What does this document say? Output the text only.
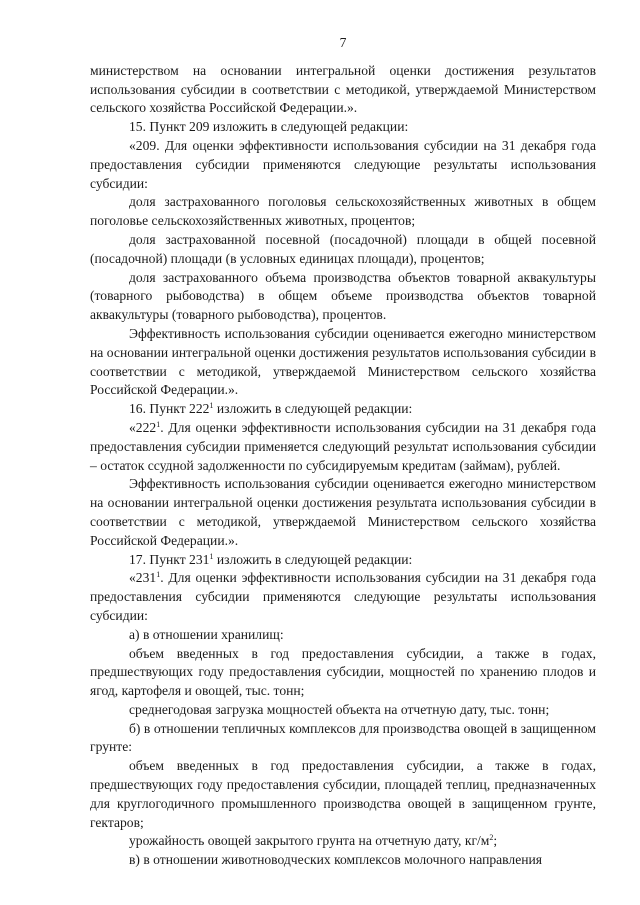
7

министерством на основании интегральной оценки достижения результатов использования субсидии в соответствии с методикой, утверждаемой Министерством сельского хозяйства Российской Федерации.».

15. Пункт 209 изложить в следующей редакции:

«209. Для оценки эффективности использования субсидии на 31 декабря года предоставления субсидии применяются следующие результаты использования субсидии:

доля застрахованного поголовья сельскохозяйственных животных в общем поголовье сельскохозяйственных животных, процентов;

доля застрахованной посевной (посадочной) площади в общей посевной (посадочной) площади (в условных единицах площади), процентов;

доля застрахованного объема производства объектов товарной аквакультуры (товарного рыбоводства) в общем объеме производства объектов товарной аквакультуры (товарного рыбоводства), процентов.

Эффективность использования субсидии оценивается ежегодно министерством на основании интегральной оценки достижения результатов использования субсидии в соответствии с методикой, утверждаемой Министерством сельского хозяйства Российской Федерации.».

16. Пункт $222^1$ изложить в следующей редакции:

«$222^1$. Для оценки эффективности использования субсидии на 31 декабря года предоставления субсидии применяется следующий результат использования субсидии – остаток ссудной задолженности по субсидируемым кредитам (займам), рублей.

Эффективность использования субсидии оценивается ежегодно министерством на основании интегральной оценки достижения результата использования субсидии в соответствии с методикой, утверждаемой Министерством сельского хозяйства Российской Федерации.».

17. Пункт $231^1$ изложить в следующей редакции:

«$231^1$. Для оценки эффективности использования субсидии на 31 декабря года предоставления субсидии применяются следующие результаты использования субсидии:

а) в отношении хранилищ:

объем введенных в год предоставления субсидии, а также в годах, предшествующих году предоставления субсидии, мощностей по хранению плодов и ягод, картофеля и овощей, тыс. тонн;

среднегодовая загрузка мощностей объекта на отчетную дату, тыс. тонн;

б) в отношении тепличных комплексов для производства овощей в защищенном грунте:

объем введенных в год предоставления субсидии, а также в годах, предшествующих году предоставления субсидии, площадей теплиц, предназначенных для круглогодичного промышленного производства овощей в защищенном грунте, гектаров;

урожайность овощей закрытого грунта на отчетную дату, $кг/м^2$;

в) в отношении животноводческих комплексов молочного направления
